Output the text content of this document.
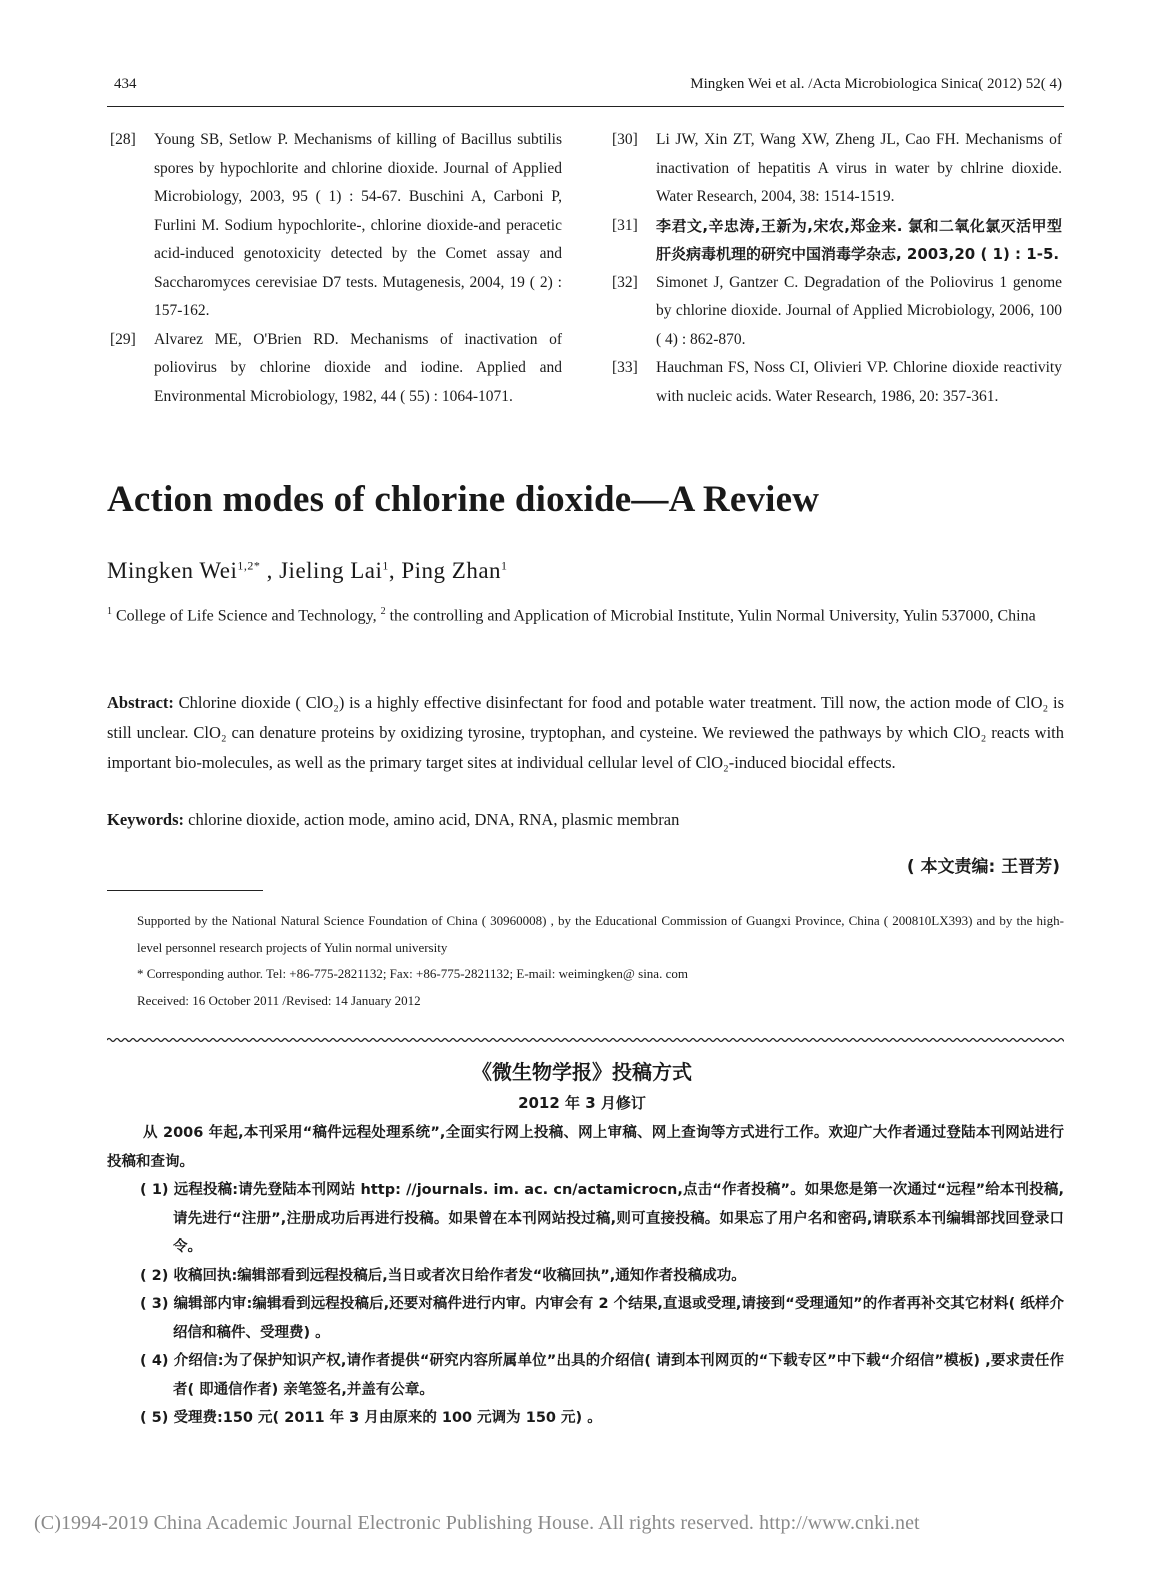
434	Mingken Wei et al. /Acta Microbiologica Sinica( 2012) 52( 4)
[28]	Young SB, Setlow P. Mechanisms of killing of Bacillus subtilis spores by hypochlorite and chlorine dioxide. Journal of Applied Microbiology, 2003, 95 ( 1) : 54-67. Buschini A, Carboni P, Furlini M. Sodium hypochlorite-, chlorine dioxide-and peracetic acid-induced genotoxicity detected by the Comet assay and Saccharomyces cerevisiae D7 tests. Mutagenesis, 2004, 19 ( 2) : 157-162.
[29]	Alvarez ME, O'Brien RD. Mechanisms of inactivation of poliovirus by chlorine dioxide and iodine. Applied and Environmental Microbiology, 1982, 44 ( 55) : 1064-1071.
[30]	Li JW, Xin ZT, Wang XW, Zheng JL, Cao FH. Mechanisms of inactivation of hepatitis A virus in water by chlrine dioxide. Water Research, 2004, 38: 1514-1519.
[31]	李君文,辛忠涛,王新为,宋农,郑金来. 氯和二氧化氯灭活甲型肝炎病毒机理的研究中国消毒学杂志, 2003,20 ( 1) : 1-5.
[32]	Simonet J, Gantzer C. Degradation of the Poliovirus 1 genome by chlorine dioxide. Journal of Applied Microbiology, 2006, 100 ( 4) : 862-870.
[33]	Hauchman FS, Noss CI, Olivieri VP. Chlorine dioxide reactivity with nucleic acids. Water Research, 1986, 20: 357-361.
Action modes of chlorine dioxide—A Review
Mingken Wei$^{1,2*}$ , Jieling Lai$^1$, Ping Zhan$^1$
$^1$ College of Life Science and Technology, $^2$ the controlling and Application of Microbial Institute, Yulin Normal University, Yulin 537000, China
Abstract: Chlorine dioxide ( ClO₂) is a highly effective disinfectant for food and potable water treatment. Till now, the action mode of ClO₂ is still unclear. ClO₂ can denature proteins by oxidizing tyrosine, tryptophan, and cysteine. We reviewed the pathways by which ClO₂ reacts with important bio-molecules, as well as the primary target sites at individual cellular level of ClO₂-induced biocidal effects.
Keywords: chlorine dioxide, action mode, amino acid, DNA, RNA, plasmic membran
( 本文责编: 王晋芳)

Supported by the National Natural Science Foundation of China ( 30960008) , by the Educational Commission of Guangxi Province, China ( 200810LX393) and by the high-level personnel research projects of Yulin normal university

* Corresponding author. Tel: +86-775-2821132; Fax: +86-775-2821132; E-mail: weimingken@ sina. com

Received: 16 October 2011 /Revised: 14 January 2012

《微生物学报》投稿方式
2012 年 3 月修订

从 2006 年起,本刊采用“稿件远程处理系统”,全面实行网上投稿、网上审稿、网上查询等方式进行工作。欢迎广大作者通过登陆本刊网站进行投稿和查询。

( 1) 远程投稿:请先登陆本刊网站 http: //journals. im. ac. cn/actamicrocn,点击“作者投稿”。如果您是第一次通过“远程”给本刊投稿,请先进行“注册”,注册成功后再进行投稿。如果曾在本刊网站投过稿,则可直接投稿。如果忘了用户名和密码,请联系本刊编辑部找回登录口令。

( 2) 收稿回执:编辑部看到远程投稿后,当日或者次日给作者发“收稿回执”,通知作者投稿成功。

( 3) 编辑部内审:编辑看到远程投稿后,还要对稿件进行内审。内审会有 2 个结果,直退或受理,请接到“受理通知”的作者再补交其它材料( 纸样介绍信和稿件、受理费) 。

( 4) 介绍信:为了保护知识产权,请作者提供“研究内容所属单位”出具的介绍信( 请到本刊网页的“下载专区”中下载“介绍信”模板) ,要求责任作者( 即通信作者) 亲笔签名,并盖有公章。

( 5) 受理费:150 元( 2011 年 3 月由原来的 100 元调为 150 元) 。

(C)1994-2019 China Academic Journal Electronic Publishing House. All rights reserved. http://www.cnki.net
